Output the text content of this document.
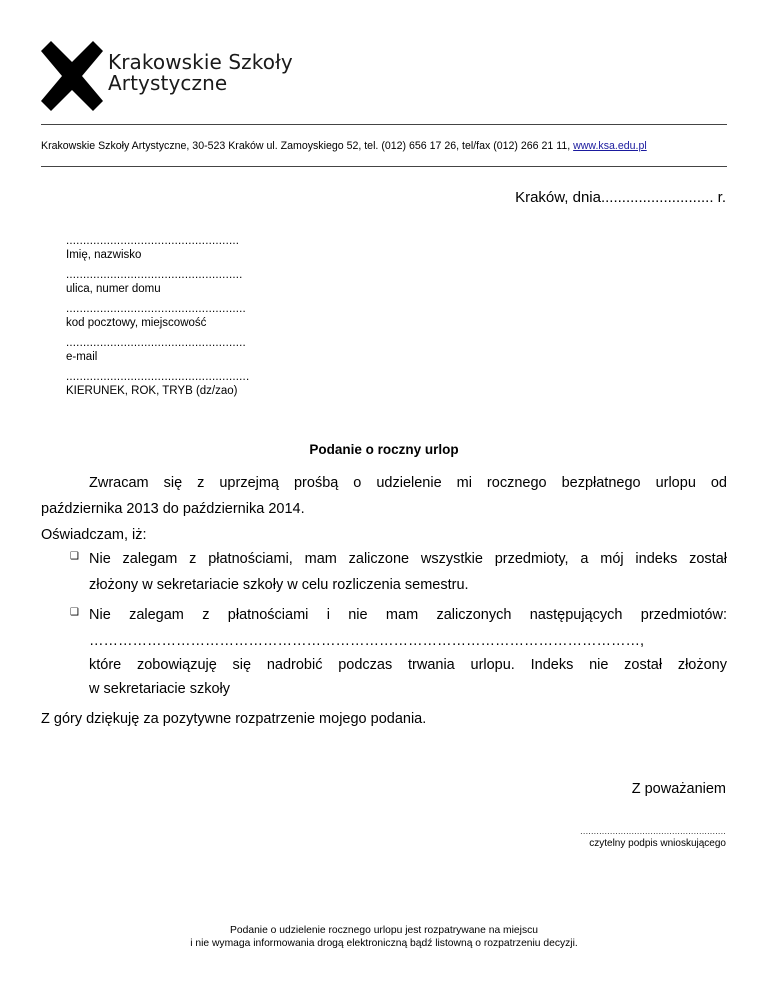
Krakowskie Szkoły
Artystyczne
Krakowskie Szkoły Artystyczne, 30-523 Kraków ul. Zamoyskiego 52, tel. (012) 656 17 26, tel/fax (012) 266 21 11, www.ksa.edu.pl
Kraków, dnia........................... r.
...................................................
Imię, nazwisko
....................................................
ulica, numer domu
.....................................................
kod pocztowy, miejscowość
.....................................................
e-mail
......................................................
KIERUNEK, ROK, TRYB (dz/zao)
Podanie o roczny urlop
Zwracam się z uprzejmą prośbą o udzielenie mi rocznego bezpłatnego urlopu od
października 2013 do października 2014.
Oświadczam, iż:
❑ Nie zalegam z płatnościami, mam zaliczone wszystkie przedmioty, a mój indeks został
złożony w sekretariacie szkoły w celu rozliczenia semestru.
❑ Nie zalegam z płatnościami i nie mam zaliczonych następujących przedmiotów:
……………………………………………………………………………………………………,
które zobowiązuję się nadrobić podczas trwania urlopu. Indeks nie został złożony
w sekretariacie szkoły
Z góry dziękuję za pozytywne rozpatrzenie mojego podania.
Z poważaniem
......................................................
czytelny podpis wnioskującego
Podanie o udzielenie rocznego urlopu jest rozpatrywane na miejscu
i nie wymaga informowania drogą elektroniczną bądź listowną o rozpatrzeniu decyzji.
